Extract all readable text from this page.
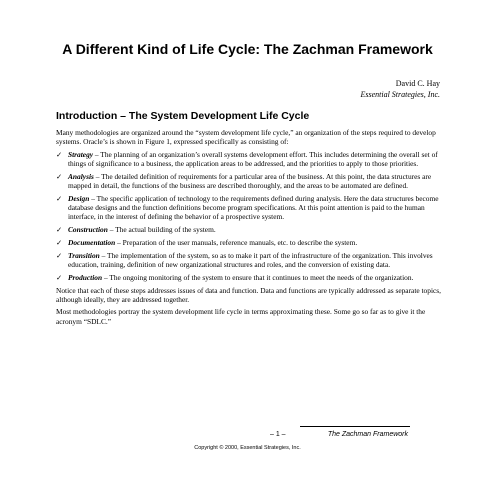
A Different Kind of Life Cycle: The Zachman Framework
David C. Hay
Essential Strategies, Inc.
Introduction – The System Development Life Cycle

Many methodologies are organized around the “system development life cycle,” an organization of the steps required to develop systems. Oracle’s is shown in Figure 1, expressed specifically as consisting of:

✓ Strategy – The planning of an organization’s overall systems development effort. This includes determining the overall set of things of significance to a business, the application areas to be addressed, and the priorities to apply to those priorities.
✓ Analysis – The detailed definition of requirements for a particular area of the business. At this point, the data structures are mapped in detail, the functions of the business are described thoroughly, and the areas to be automated are defined.
✓ Design – The specific application of technology to the requirements defined during analysis. Here the data structures become database designs and the function definitions become program specifications. At this point attention is paid to the human interface, in the interest of defining the behavior of a prospective system.
✓ Construction – The actual building of the system.
✓ Documentation – Preparation of the user manuals, reference manuals, etc. to describe the system.
✓ Transition – The implementation of the system, so as to make it part of the infrastructure of the organization. This involves education, training, definition of new organizational structures and roles, and the conversion of existing data.
✓ Production – The ongoing monitoring of the system to ensure that it continues to meet the needs of the organization.

Notice that each of these steps addresses issues of data and function. Data and functions are typically addressed as separate topics, although ideally, they are addressed together.

Most methodologies portray the system development life cycle in terms approximating these. Some go so far as to give it the acronym “SDLC.”

– 1 –	The Zachman Framework
Copyright © 2000, Essential Strategies, Inc.
